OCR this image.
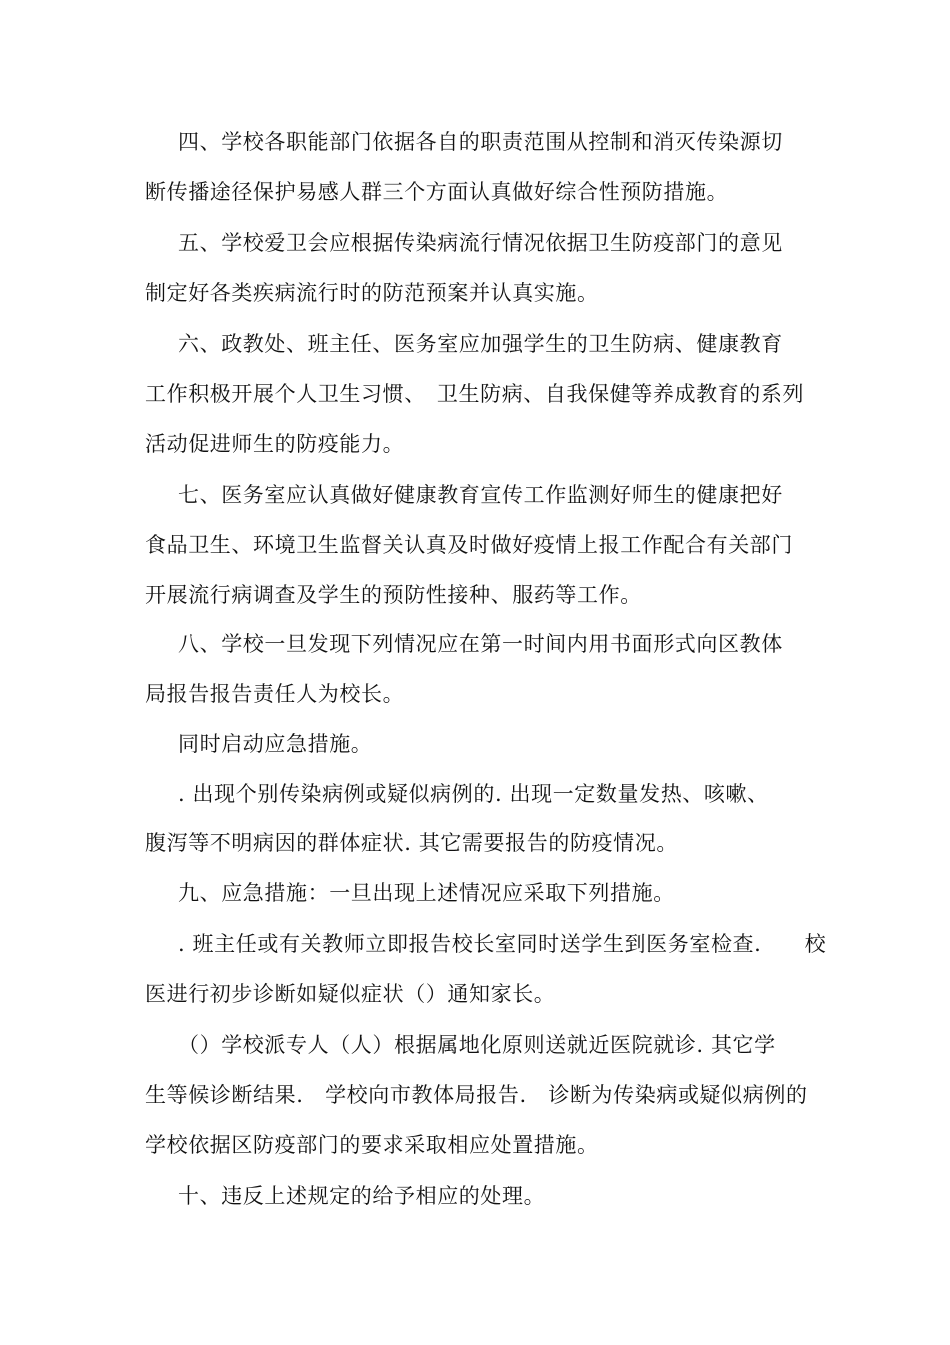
四、学校各职能部门依据各自的职责范围从控制和消灭传染源切
断传播途径保护易感人群三个方面认真做好综合性预防措施。
五、学校爱卫会应根据传染病流行情况依据卫生防疫部门的意见
制定好各类疾病流行时的防范预案并认真实施。
六、政教处、班主任、医务室应加强学生的卫生防病、健康教育
工作积极开展个人卫生习惯、　卫生防病、自我保健等养成教育的系列
活动促进师生的防疫能力。
七、医务室应认真做好健康教育宣传工作监测好师生的健康把好
食品卫生、环境卫生监督关认真及时做好疫情上报工作配合有关部门
开展流行病调查及学生的预防性接种、服药等工作。
八、学校一旦发现下列情况应在第一时间内用书面形式向区教体
局报告报告责任人为校长。
同时启动应急措施。
. 出现个别传染病例或疑似病例的. 出现一定数量发热、咳嗽、
腹泻等不明病因的群体症状. 其它需要报告的防疫情况。
九、应急措施：一旦出现上述情况应采取下列措施。
. 班主任或有关教师立即报告校长室同时送学生到医务室检查.　　校
医进行初步诊断如疑似症状（）通知家长。
（）学校派专人（人）根据属地化原则送就近医院就诊. 其它学
生等候诊断结果.　学校向市教体局报告.　诊断为传染病或疑似病例的
学校依据区防疫部门的要求采取相应处置措施。
十、违反上述规定的给予相应的处理。
